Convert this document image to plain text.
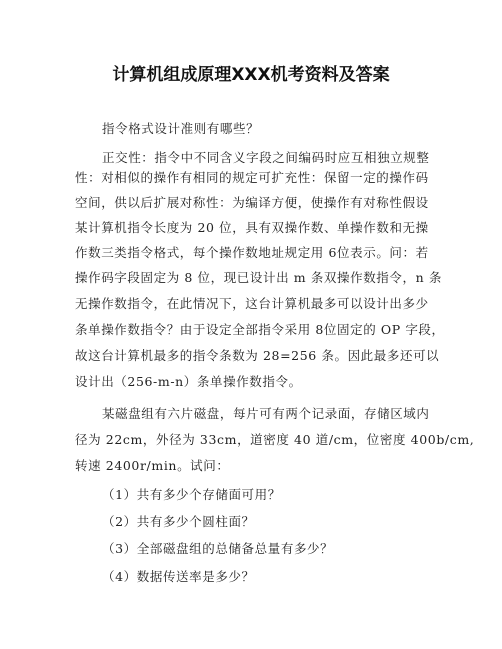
计算机组成原理XXX机考资料及答案
指令格式设计准则有哪些？
正交性：指令中不同含义字段之间编码时应互相独立规整
性：对相似的操作有相同的规定可扩充性：保留一定的操作码
空间，供以后扩展对称性：为编译方便，使操作有对称性假设
某计算机指令长度为 20 位，具有双操作数、单操作数和无操
作数三类指令格式，每个操作数地址规定用 6位表示。问：若
操作码字段固定为 8 位，现已设计出 m 条双操作数指令，n 条
无操作数指令，在此情况下，这台计算机最多可以设计出多少
条单操作数指令？由于设定全部指令采用 8位固定的 OP 字段，
故这台计算机最多的指令条数为 28=256 条。因此最多还可以
设计出（256-m-n）条单操作数指令。
某磁盘组有六片磁盘，每片可有两个记录面，存储区域内
径为 22cm，外径为 33cm，道密度 40 道/cm，位密度 400b/cm,
转速 2400r/min。试问：
（1）共有多少个存储面可用？
（2）共有多少个圆柱面？
（3）全部磁盘组的总储备总量有多少？
（4）数据传送率是多少？
